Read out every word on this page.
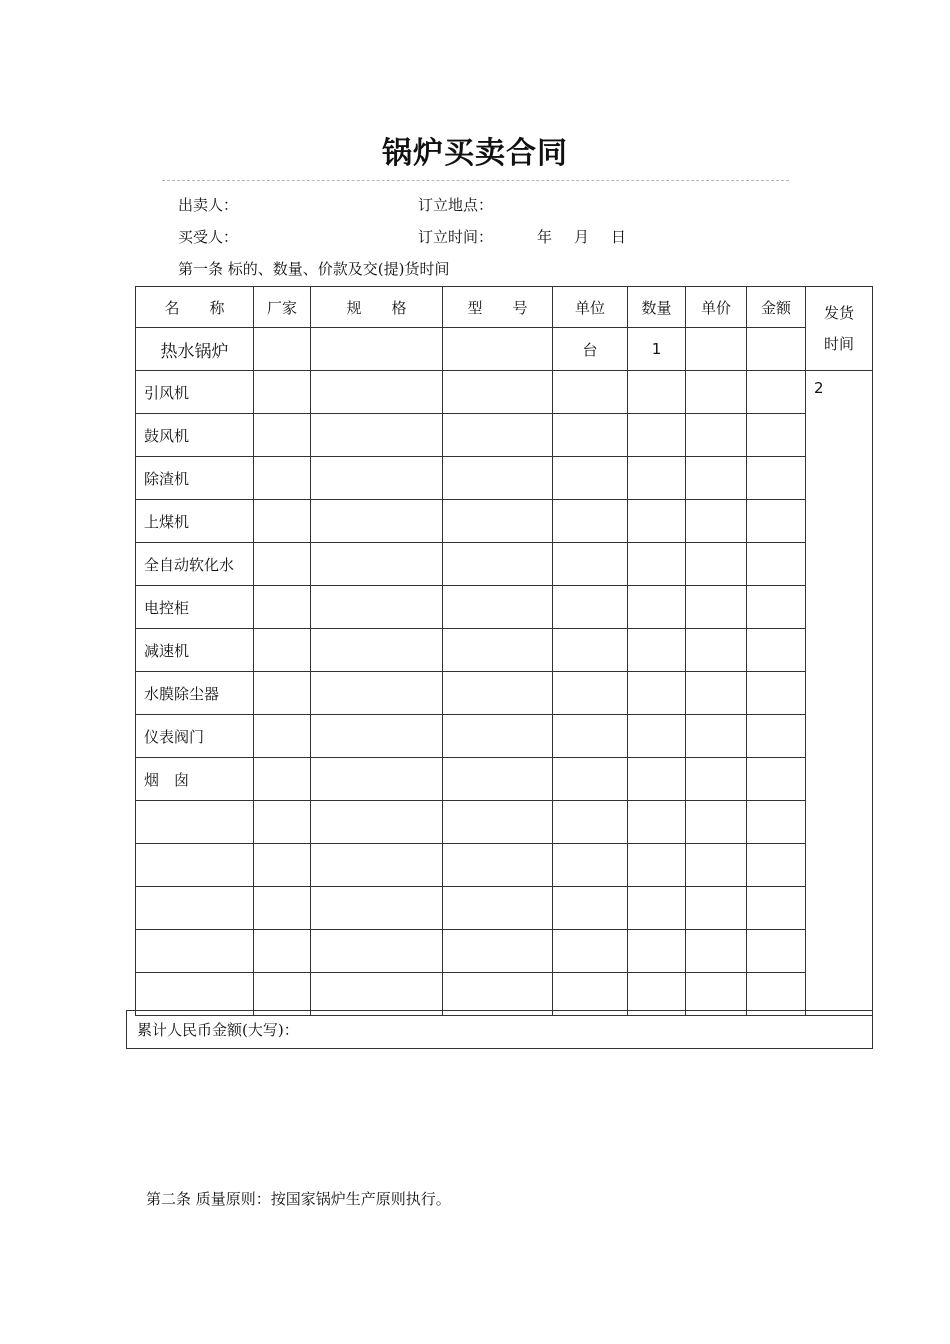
锅炉买卖合同
出卖人：	订立地点：
买受人：	订立时间：	年 月 日
第一条 标的、数量、价款及交(提)货时间
名　　称	厂家	规　　格	型　　号	单位	数量	单价	金额	发货
时间
热水锅炉				台	1			
引风机								2
鼓风机								
除渣机								
上煤机								
全自动软化水								
电控柜								
减速机								
水膜除尘器								
仪表阀门								
烟　囱								

累计人民币金额(大写)：
第二条 质量原则：按国家锅炉生产原则执行。
